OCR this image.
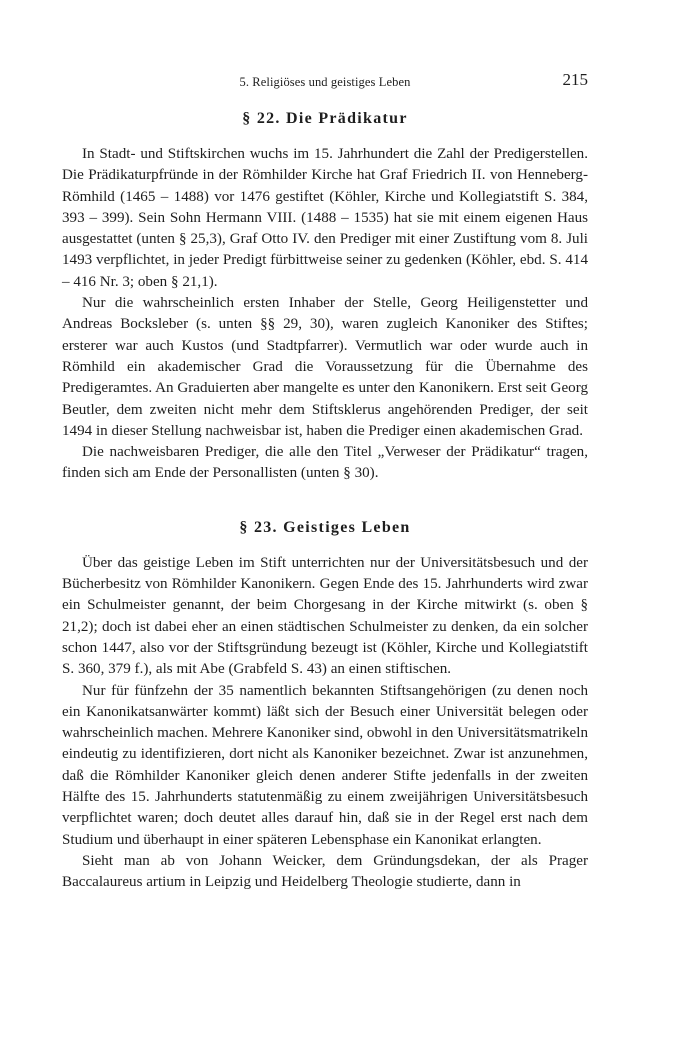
5. Religiöses und geistiges Leben	215
§ 22. Die Prädikatur

In Stadt- und Stiftskirchen wuchs im 15. Jahrhundert die Zahl der Predigerstellen. Die Prädikaturpfründe in der Römhilder Kirche hat Graf Friedrich II. von Henneberg-Römhild (1465 – 1488) vor 1476 gestiftet (Köhler, Kirche und Kollegiatstift S. 384, 393 – 399). Sein Sohn Hermann VIII. (1488 – 1535) hat sie mit einem eigenen Haus ausgestattet (unten § 25,3), Graf Otto IV. den Prediger mit einer Zustiftung vom 8. Juli 1493 verpflichtet, in jeder Predigt fürbittweise seiner zu gedenken (Köhler, ebd. S. 414 – 416 Nr. 3; oben § 21,1).

Nur die wahrscheinlich ersten Inhaber der Stelle, Georg Heiligenstetter und Andreas Bocksleber (s. unten §§ 29, 30), waren zugleich Kanoniker des Stiftes; ersterer war auch Kustos (und Stadtpfarrer). Vermutlich war oder wurde auch in Römhild ein akademischer Grad die Voraussetzung für die Übernahme des Predigeramtes. An Graduierten aber mangelte es unter den Kanonikern. Erst seit Georg Beutler, dem zweiten nicht mehr dem Stiftsklerus angehörenden Prediger, der seit 1494 in dieser Stellung nachweisbar ist, haben die Prediger einen akademischen Grad.

Die nachweisbaren Prediger, die alle den Titel „Verweser der Prädikatur“ tragen, finden sich am Ende der Personallisten (unten § 30).

§ 23. Geistiges Leben

Über das geistige Leben im Stift unterrichten nur der Universitätsbesuch und der Bücherbesitz von Römhilder Kanonikern. Gegen Ende des 15. Jahrhunderts wird zwar ein Schulmeister genannt, der beim Chorgesang in der Kirche mitwirkt (s. oben § 21,2); doch ist dabei eher an einen städtischen Schulmeister zu denken, da ein solcher schon 1447, also vor der Stiftsgründung bezeugt ist (Köhler, Kirche und Kollegiatstift S. 360, 379 f.), als mit Abe (Grabfeld S. 43) an einen stiftischen.

Nur für fünfzehn der 35 namentlich bekannten Stiftsangehörigen (zu denen noch ein Kanonikatsanwärter kommt) läßt sich der Besuch einer Universität belegen oder wahrscheinlich machen. Mehrere Kanoniker sind, obwohl in den Universitätsmatrikeln eindeutig zu identifizieren, dort nicht als Kanoniker bezeichnet. Zwar ist anzunehmen, daß die Römhilder Kanoniker gleich denen anderer Stifte jedenfalls in der zweiten Hälfte des 15. Jahrhunderts statutenmäßig zu einem zweijährigen Universitätsbesuch verpflichtet waren; doch deutet alles darauf hin, daß sie in der Regel erst nach dem Studium und überhaupt in einer späteren Lebensphase ein Kanonikat erlangten.

Sieht man ab von Johann Weicker, dem Gründungsdekan, der als Prager Baccalaureus artium in Leipzig und Heidelberg Theologie studierte, dann in
